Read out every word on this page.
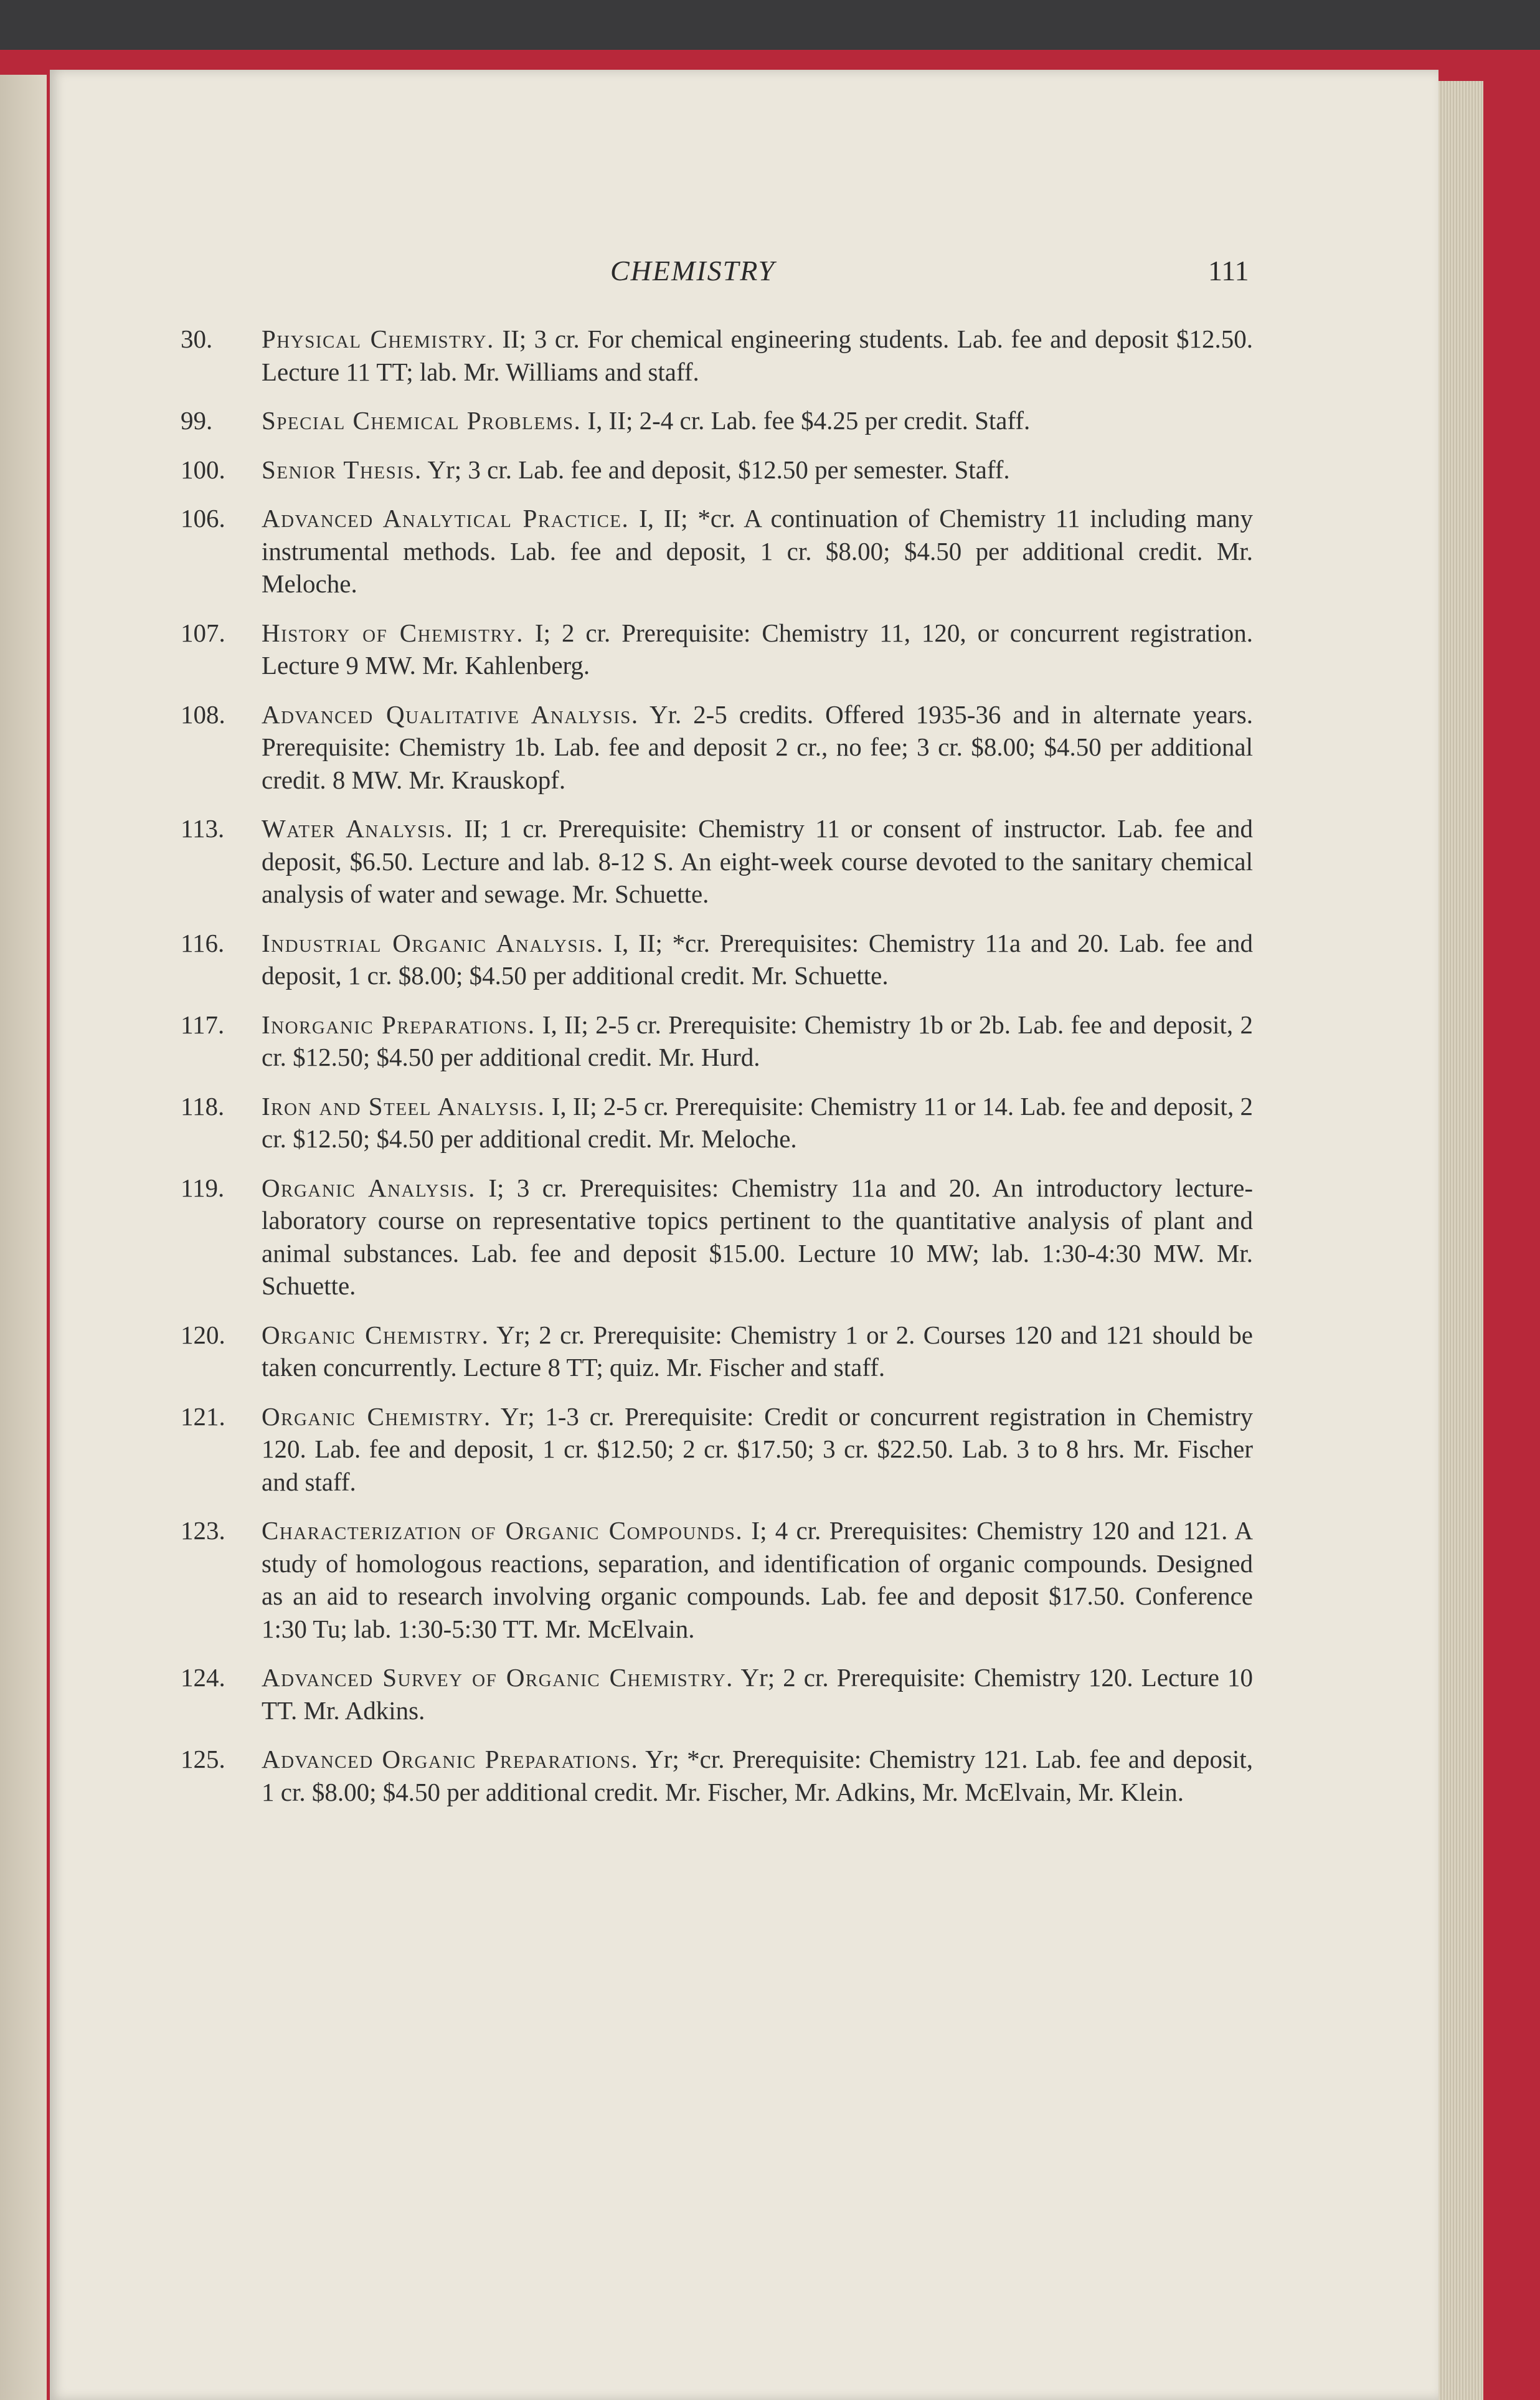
CHEMISTRY	111

30. Physical Chemistry. II; 3 cr. For chemical engineering students. Lab. fee and deposit $12.50. Lecture 11 TT; lab. Mr. Williams and staff.

99. Special Chemical Problems. I, II; 2-4 cr. Lab. fee $4.25 per credit. Staff.

100. Senior Thesis. Yr; 3 cr. Lab. fee and deposit, $12.50 per semester. Staff.

106. Advanced Analytical Practice. I, II; *cr. A continuation of Chemistry 11 including many instrumental methods. Lab. fee and deposit, 1 cr. $8.00; $4.50 per additional credit. Mr. Meloche.

107. History of Chemistry. I; 2 cr. Prerequisite: Chemistry 11, 120, or concurrent registration. Lecture 9 MW. Mr. Kahlenberg.

108. Advanced Qualitative Analysis. Yr. 2-5 credits. Offered 1935-36 and in alternate years. Prerequisite: Chemistry 1b. Lab. fee and deposit 2 cr., no fee; 3 cr. $8.00; $4.50 per additional credit. 8 MW. Mr. Krauskopf.

113. Water Analysis. II; 1 cr. Prerequisite: Chemistry 11 or consent of instructor. Lab. fee and deposit, $6.50. Lecture and lab. 8-12 S. An eight-week course devoted to the sanitary chemical analysis of water and sewage. Mr. Schuette.

116. Industrial Organic Analysis. I, II; *cr. Prerequisites: Chemistry 11a and 20. Lab. fee and deposit, 1 cr. $8.00; $4.50 per additional credit. Mr. Schuette.

117. Inorganic Preparations. I, II; 2-5 cr. Prerequisite: Chemistry 1b or 2b. Lab. fee and deposit, 2 cr. $12.50; $4.50 per additional credit. Mr. Hurd.

118. Iron and Steel Analysis. I, II; 2-5 cr. Prerequisite: Chemistry 11 or 14. Lab. fee and deposit, 2 cr. $12.50; $4.50 per additional credit. Mr. Meloche.

119. Organic Analysis. I; 3 cr. Prerequisites: Chemistry 11a and 20. An introductory lecture-laboratory course on representative topics pertinent to the quantitative analysis of plant and animal substances. Lab. fee and deposit $15.00. Lecture 10 MW; lab. 1:30-4:30 MW. Mr. Schuette.

120. Organic Chemistry. Yr; 2 cr. Prerequisite: Chemistry 1 or 2. Courses 120 and 121 should be taken concurrently. Lecture 8 TT; quiz. Mr. Fischer and staff.

121. Organic Chemistry. Yr; 1-3 cr. Prerequisite: Credit or concurrent registration in Chemistry 120. Lab. fee and deposit, 1 cr. $12.50; 2 cr. $17.50; 3 cr. $22.50. Lab. 3 to 8 hrs. Mr. Fischer and staff.

123. Characterization of Organic Compounds. I; 4 cr. Prerequisites: Chemistry 120 and 121. A study of homologous reactions, separation, and identification of organic compounds. Designed as an aid to research involving organic compounds. Lab. fee and deposit $17.50. Conference 1:30 Tu; lab. 1:30-5:30 TT. Mr. McElvain.

124. Advanced Survey of Organic Chemistry. Yr; 2 cr. Prerequisite: Chemistry 120. Lecture 10 TT. Mr. Adkins.

125. Advanced Organic Preparations. Yr; *cr. Prerequisite: Chemistry 121. Lab. fee and deposit, 1 cr. $8.00; $4.50 per additional credit. Mr. Fischer, Mr. Adkins, Mr. McElvain, Mr. Klein.
